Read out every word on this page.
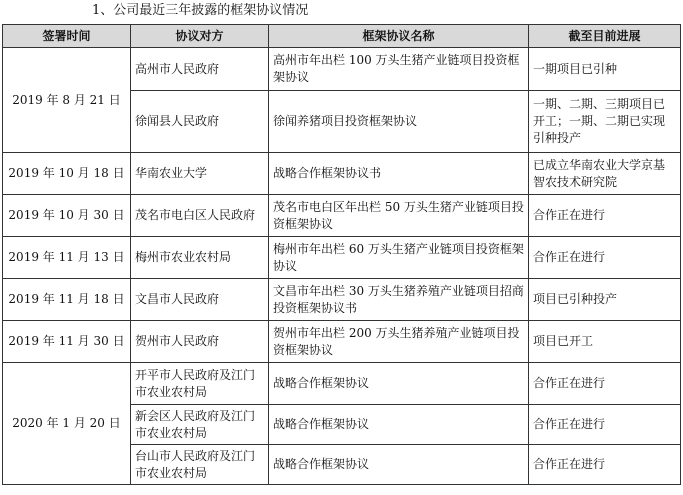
1、公司最近三年披露的框架协议情况
签署时间	协议对方	框架协议名称	截至目前进展
2019 年 8 月 21 日	高州市人民政府	高州市年出栏 100 万头生猪产业链项目投资框架协议	一期项目已引种
	徐闻县人民政府	徐闻养猪项目投资框架协议	一期、二期、三期项目已开工；一期、二期已实现引种投产
2019 年 10 月 18 日	华南农业大学	战略合作框架协议书	已成立华南农业大学京基智农技术研究院
2019 年 10 月 30 日	茂名市电白区人民政府	茂名市电白区年出栏 50 万头生猪产业链项目投资框架协议	合作正在进行
2019 年 11 月 13 日	梅州市农业农村局	梅州市年出栏 60 万头生猪产业链项目投资框架协议	合作正在进行
2019 年 11 月 18 日	文昌市人民政府	文昌市年出栏 30 万头生猪养殖产业链项目招商投资框架协议书	项目已引种投产
2019 年 11 月 30 日	贺州市人民政府	贺州市年出栏 200 万头生猪养殖产业链项目投资框架协议	项目已开工
2020 年 1 月 20 日	开平市人民政府及江门市农业农村局	战略合作框架协议	合作正在进行
	新会区人民政府及江门市农业农村局	战略合作框架协议	合作正在进行
	台山市人民政府及江门市农业农村局	战略合作框架协议	合作正在进行
